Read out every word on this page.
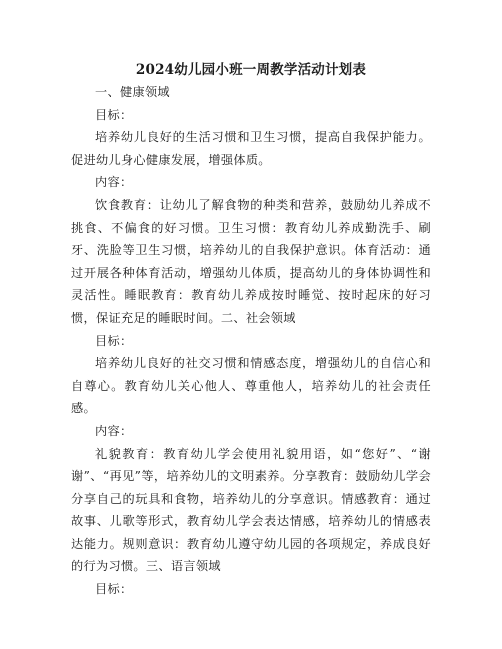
2024幼儿园小班一周教学活动计划表

一、健康领域

目标：

培养幼儿良好的生活习惯和卫生习惯，提高自我保护能力。促进幼儿身心健康发展，增强体质。

内容：

饮食教育：让幼儿了解食物的种类和营养，鼓励幼儿养成不挑食、不偏食的好习惯。卫生习惯：教育幼儿养成勤洗手、刷牙、洗脸等卫生习惯，培养幼儿的自我保护意识。体育活动：通过开展各种体育活动，增强幼儿体质，提高幼儿的身体协调性和灵活性。睡眠教育：教育幼儿养成按时睡觉、按时起床的好习惯，保证充足的睡眠时间。二、社会领域

目标：

培养幼儿良好的社交习惯和情感态度，增强幼儿的自信心和自尊心。教育幼儿关心他人、尊重他人，培养幼儿的社会责任感。

内容：

礼貌教育：教育幼儿学会使用礼貌用语，如“您好”、“谢谢”、“再见”等，培养幼儿的文明素养。分享教育：鼓励幼儿学会分享自己的玩具和食物，培养幼儿的分享意识。情感教育：通过故事、儿歌等形式，教育幼儿学会表达情感，培养幼儿的情感表达能力。规则意识：教育幼儿遵守幼儿园的各项规定，养成良好的行为习惯。三、语言领域

目标：
